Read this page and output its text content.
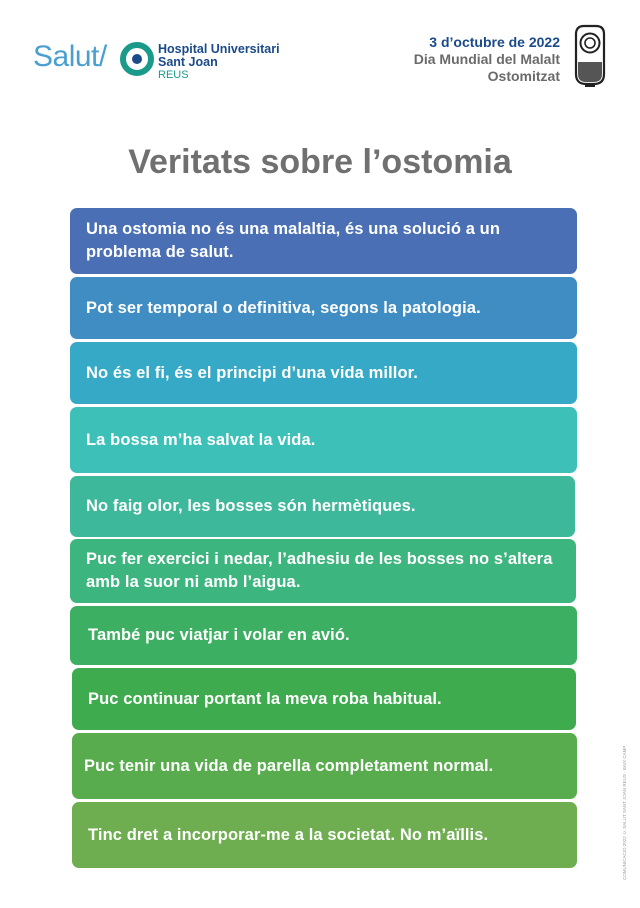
Salut/	Hospital Universitari
Sant Joan
REUS
3 d’octubre de 2022
Dia Mundial del Malalt
Ostomitzat
Veritats sobre l’ostomia
Una ostomia no és una malaltia, és una solució a un problema de salut.
Pot ser temporal o definitiva, segons la patologia.
No és el fi, és el principi d’una vida millor.
La bossa m’ha salvat la vida.
No faig olor, les bosses són hermètiques.
Puc fer exercici i nedar, l’adhesiu de les bosses no s’altera amb la suor ni amb l’aigua.
També puc viatjar i volar en avió.
Puc continuar portant la meva roba habitual.
Puc tenir una vida de parella completament normal.
Tinc dret a incorporar-me a la societat. No m’aïllis.	COMUNICACIÓ 2022 © SALUT SANT JOAN REUS · BAIX CAMP
